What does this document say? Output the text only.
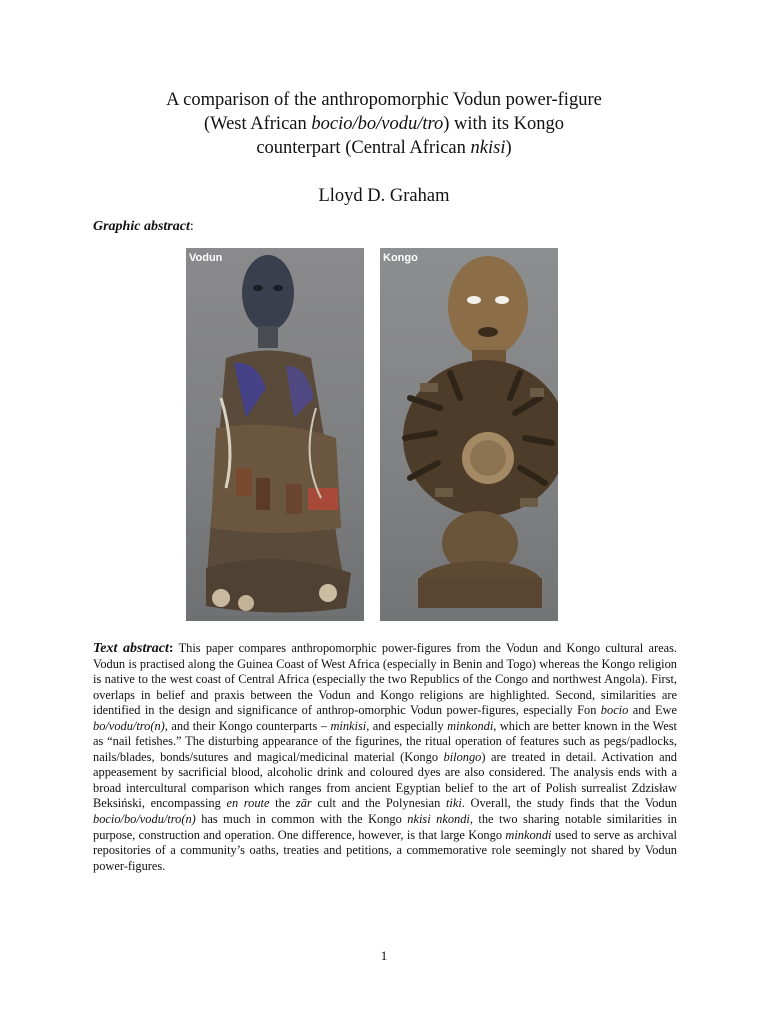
A comparison of the anthropomorphic Vodun power-figure
(West African bocio/bo/vodu/tro) with its Kongo
counterpart (Central African nkisi)
Lloyd D. Graham
Graphic abstract:
Vodun	Kongo
Text abstract: This paper compares anthropomorphic power-figures from the Vodun and Kongo cultural areas. Vodun is practised along the Guinea Coast of West Africa (especially in Benin and Togo) whereas the Kongo religion is native to the west coast of Central Africa (especially the two Republics of the Congo and northwest Angola). First, overlaps in belief and praxis between the Vodun and Kongo religions are highlighted. Second, similarities are identified in the design and significance of anthrop-omorphic Vodun power-figures, especially Fon bocio and Ewe bo/vodu/tro(n), and their Kongo counterparts – minkisi, and especially minkondi, which are better known in the West as “nail fetishes.” The disturbing appearance of the figurines, the ritual operation of features such as pegs/padlocks, nails/blades, bonds/sutures and magical/medicinal material (Kongo bilongo) are treated in detail. Activation and appeasement by sacrificial blood, alcoholic drink and coloured dyes are also considered. The analysis ends with a broad intercultural comparison which ranges from ancient Egyptian belief to the art of Polish surrealist Zdzisław Beksiński, encompassing en route the zār cult and the Polynesian tiki. Overall, the study finds that the Vodun bocio/bo/vodu/tro(n) has much in common with the Kongo nkisi nkondi, the two sharing notable similarities in purpose, construction and operation. One difference, however, is that large Kongo minkondi used to serve as archival repositories of a community’s oaths, treaties and petitions, a commemorative role seemingly not shared by Vodun power-figures.
1
